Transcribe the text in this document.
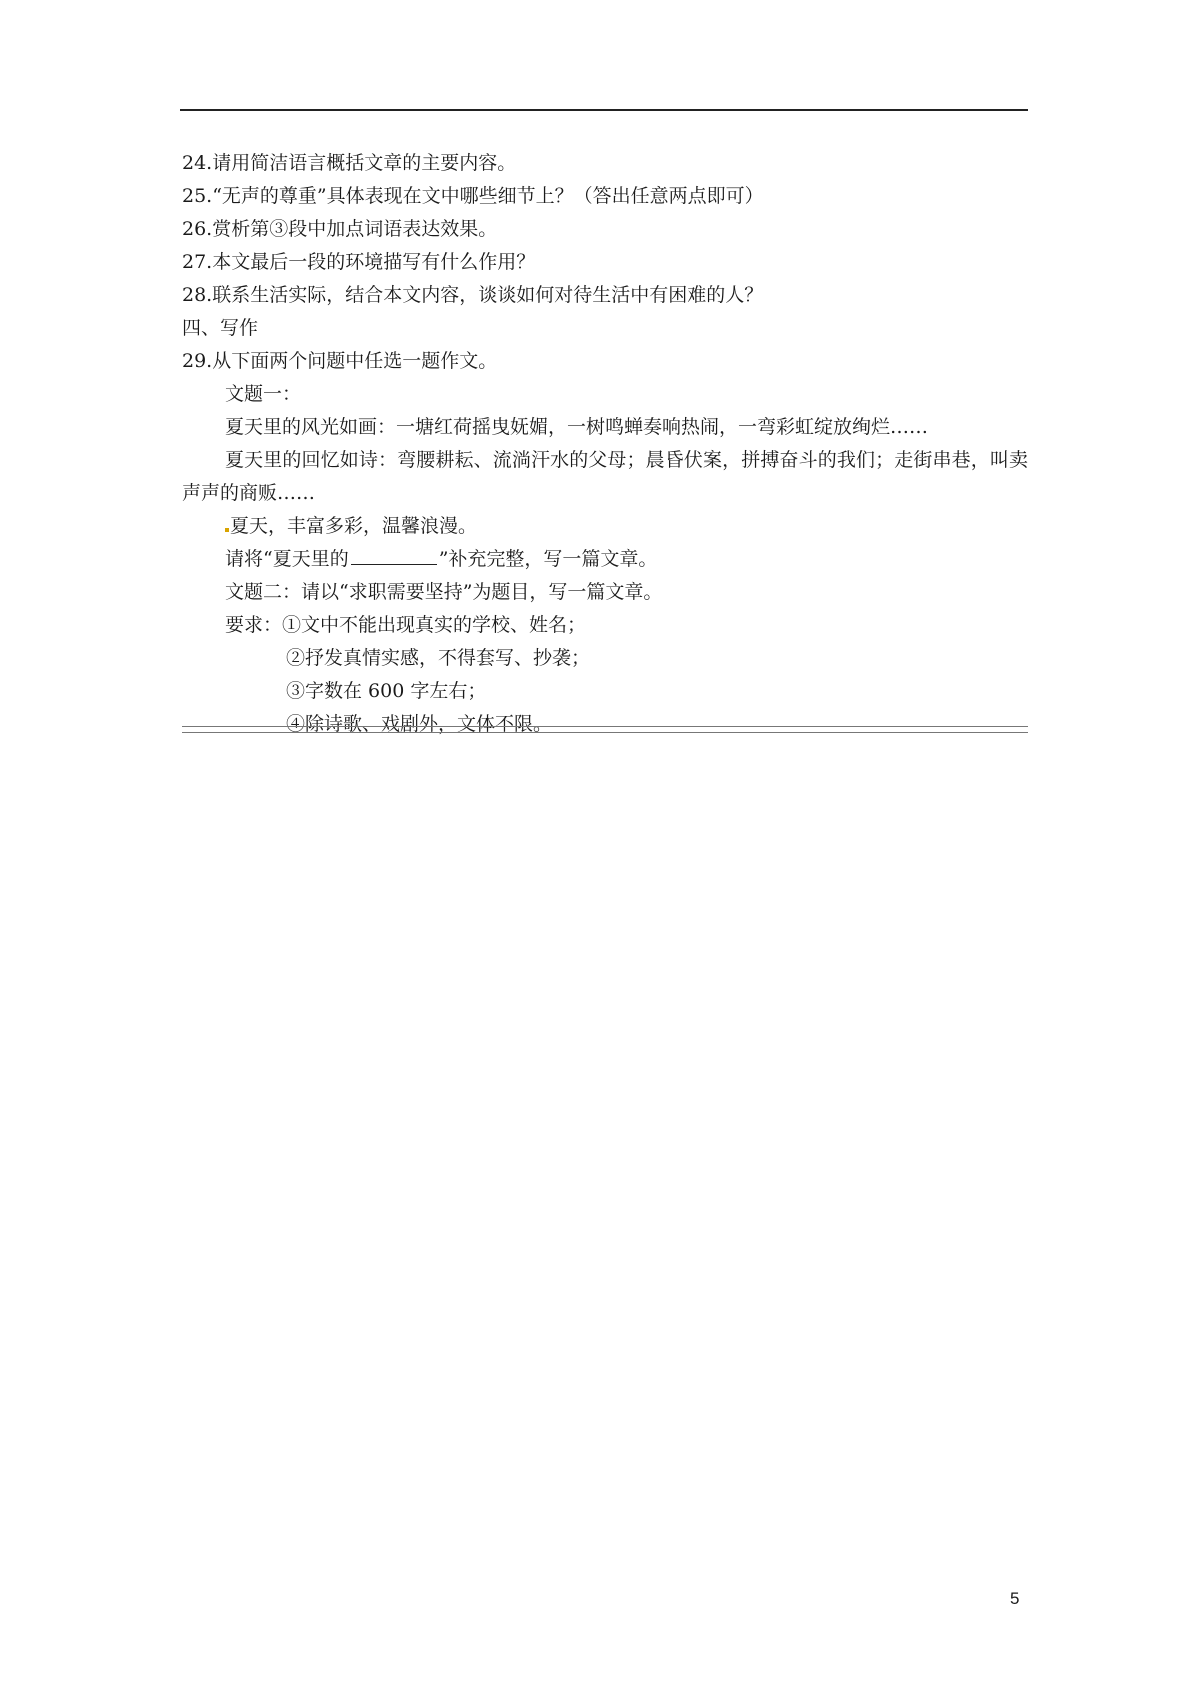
24.请用简洁语言概括文章的主要内容。
25.“无声的尊重”具体表现在文中哪些细节上？（答出任意两点即可）
26.赏析第③段中加点词语表达效果。
27.本文最后一段的环境描写有什么作用？
28.联系生活实际，结合本文内容，谈谈如何对待生活中有困难的人？
四、写作
29.从下面两个问题中任选一题作文。
文题一：
夏天里的风光如画：一塘红荷摇曳妩媚，一树鸣蝉奏响热闹，一弯彩虹绽放绚烂……
夏天里的回忆如诗：弯腰耕耘、流淌汗水的父母；晨昏伏案，拼搏奋斗的我们；走街串巷，叫卖声声的商贩……
夏天，丰富多彩，温馨浪漫。
请将“夏天里的	”补充完整，写一篇文章。
文题二：请以“求职需要坚持”为题目，写一篇文章。
要求：①文中不能出现真实的学校、姓名；
②抒发真情实感，不得套写、抄袭；
③字数在 600 字左右；
④除诗歌、戏剧外，文体不限。
5
